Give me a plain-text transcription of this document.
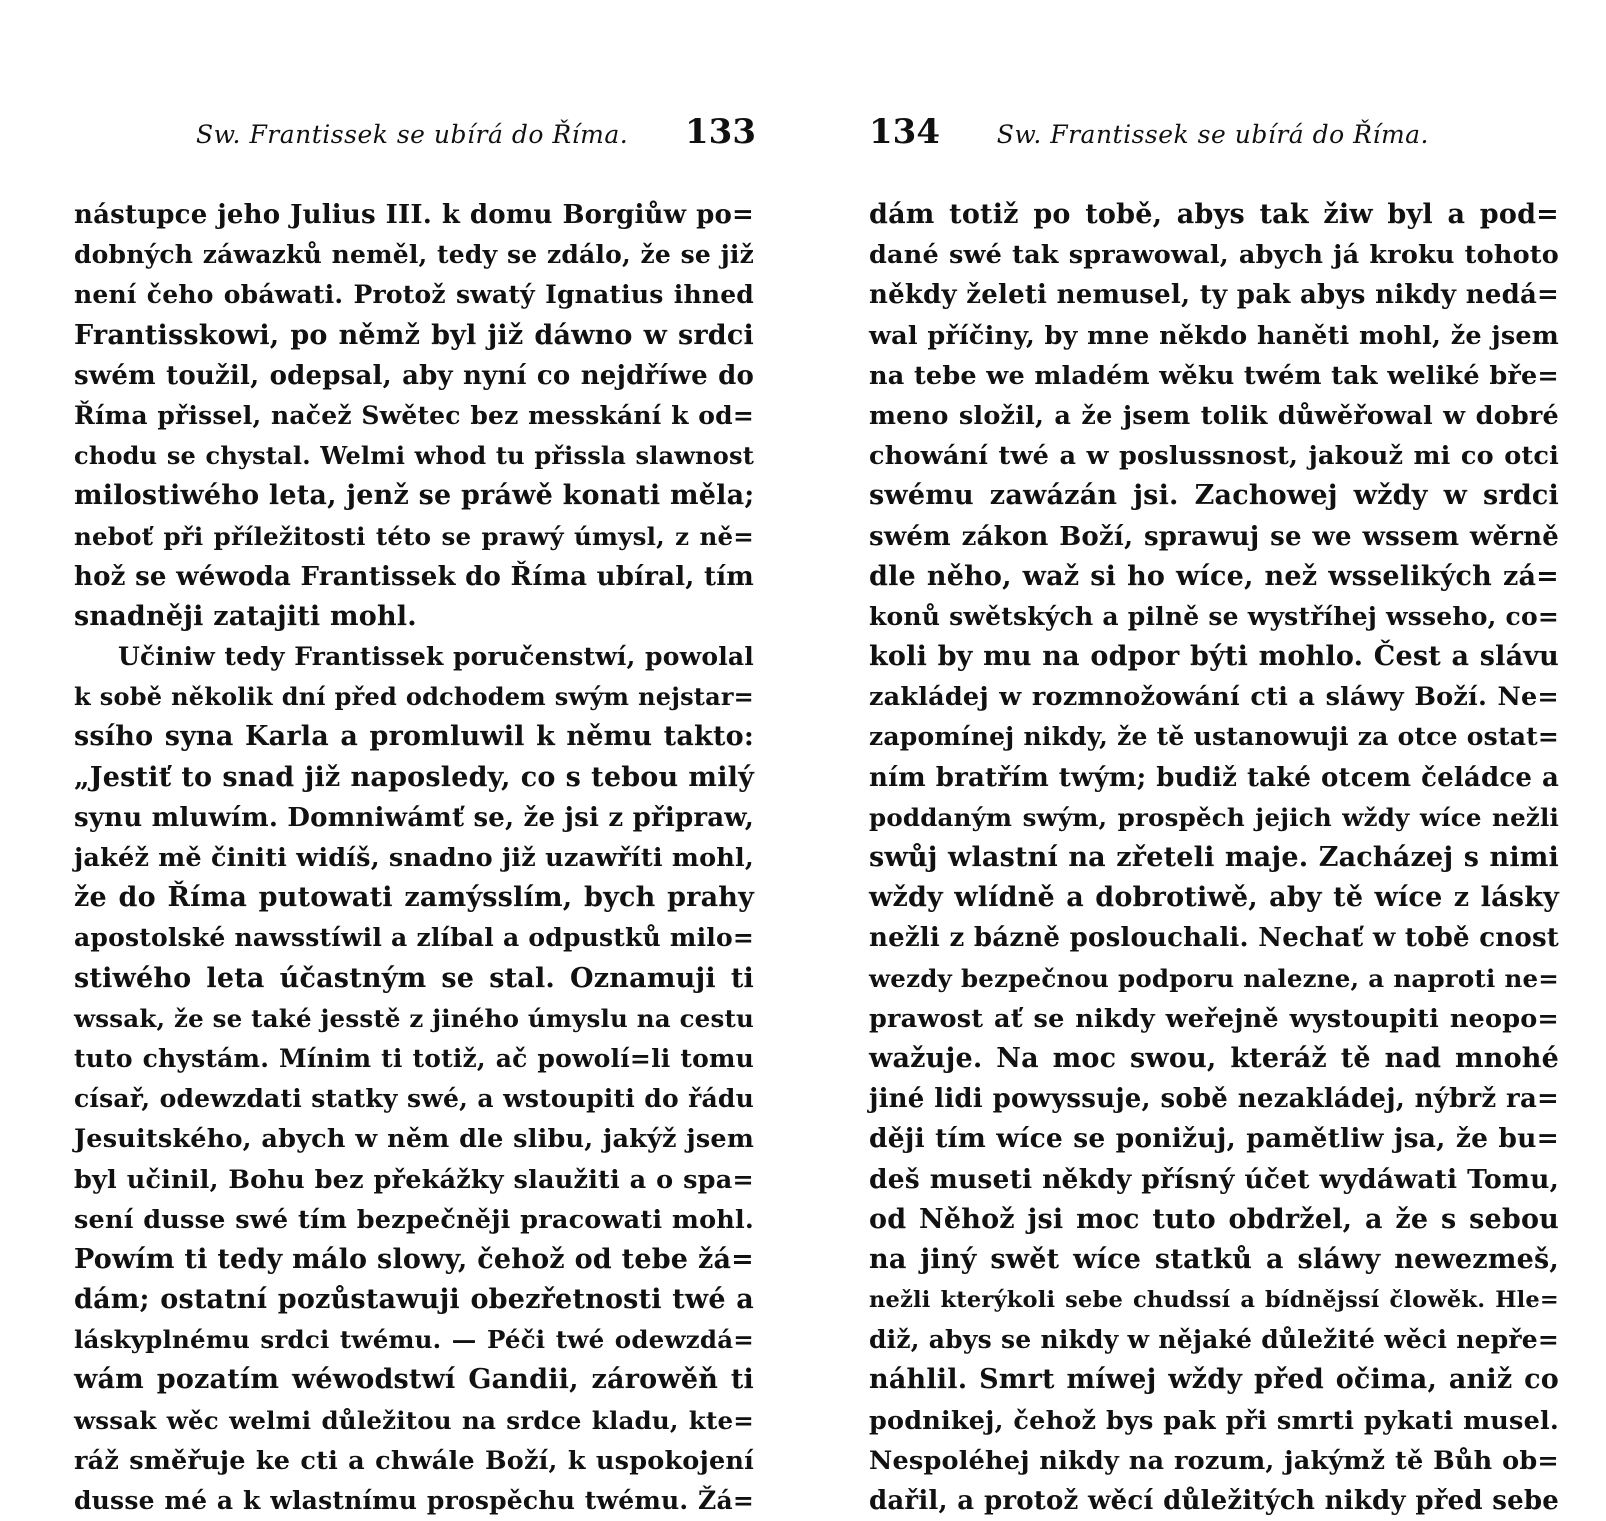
Sw. Frantissek se ubírá do Říma. 133
nástupce jeho Julius III. k domu Borgiůw po=
dobných záwazků neměl, tedy se zdálo, že se již
není čeho obáwati. Protož swatý Ignatius ihned
Frantisskowi, po němž byl již dáwno w srdci
swém toužil, odepsal, aby nyní co nejdříwe do
Říma přissel, načež Swětec bez messkání k od=
chodu se chystal. Welmi whod tu přissla slawnost
milostiwého leta, jenž se práwě konati měla;
neboť při příležitosti této se prawý úmysl, z ně=
hož se wéwoda Frantissek do Říma ubíral, tím
snadněji zatajiti mohl.
Učiniw tedy Frantissek poručenstwí, powolal
k sobě několik dní před odchodem swým nejstar=
ssího syna Karla a promluwil k němu takto:
„Jestiť to snad již naposledy, co s tebou milý
synu mluwím. Domniwámť se, že jsi z připraw,
jakéž mě činiti widíš, snadno již uzawříti mohl,
že do Říma putowati zamýsslím, bych prahy
apostolské nawsstíwil a zlíbal a odpustků milo=
stiwého leta účastným se stal. Oznamuji ti
wssak, že se také jesstě z jiného úmyslu na cestu
tuto chystám. Mínim ti totiž, ač powolí=li tomu
císař, odewzdati statky swé, a wstoupiti do řádu
Jesuitského, abych w něm dle slibu, jakýž jsem
byl učinil, Bohu bez překážky slaužiti a o spa=
sení dusse swé tím bezpečněji pracowati mohl.
Powím ti tedy málo slowy, čehož od tebe žá=
dám; ostatní pozůstawuji obezřetnosti twé a
láskyplnému srdci twému. — Péči twé odewzdá=
wám pozatím wéwodstwí Gandii, zárowěň ti
wssak wěc welmi důležitou na srdce kladu, kte=
ráž směřuje ke cti a chwále Boží, k uspokojení
dusse mé a k wlastnímu prospěchu twému. Žá=
134 Sw. Frantissek se ubírá do Říma.
dám totiž po tobě, abys tak žiw byl a pod=
dané swé tak sprawowal, abych já kroku tohoto
někdy želeti nemusel, ty pak abys nikdy nedá=
wal příčiny, by mne někdo haněti mohl, že jsem
na tebe we mladém wěku twém tak weliké bře=
meno složil, a že jsem tolik důwěřowal w dobré
chowání twé a w poslussnost, jakouž mi co otci
swému zawázán jsi. Zachowej wždy w srdci
swém zákon Boží, sprawuj se we wssem wěrně
dle něho, waž si ho wíce, než wsselikých zá=
konů swětských a pilně se wystříhej wsseho, co=
koli by mu na odpor býti mohlo. Čest a slávu
zakládej w rozmnožowání cti a sláwy Boží. Ne=
zapomínej nikdy, že tě ustanowuji za otce ostat=
ním bratřím twým; budiž také otcem čeládce a
poddaným swým, prospěch jejich wždy wíce nežli
swůj wlastní na zřeteli maje. Zacházej s nimi
wždy wlídně a dobrotiwě, aby tě wíce z lásky
nežli z bázně poslouchali. Nechať w tobě cnost
wezdy bezpečnou podporu nalezne, a naproti ne=
prawost ať se nikdy weřejně wystoupiti neopo=
wažuje. Na moc swou, kteráž tě nad mnohé
jiné lidi powyssuje, sobě nezakládej, nýbrž ra=
ději tím wíce se ponižuj, pamětliw jsa, že bu=
deš museti někdy přísný účet wydáwati Tomu,
od Něhož jsi moc tuto obdržel, a že s sebou
na jiný swět wíce statků a sláwy newezmeš,
nežli kterýkoli sebe chudssí a bídnějssí člowěk. Hle=
diž, abys se nikdy w nějaké důležité wěci nepře=
náhlil. Smrt míwej wždy před očima, aniž co
podnikej, čehož bys pak při smrti pykati musel.
Nespoléhej nikdy na rozum, jakýmž tě Bůh ob=
dařil, a protož wěcí důležitých nikdy před sebe
